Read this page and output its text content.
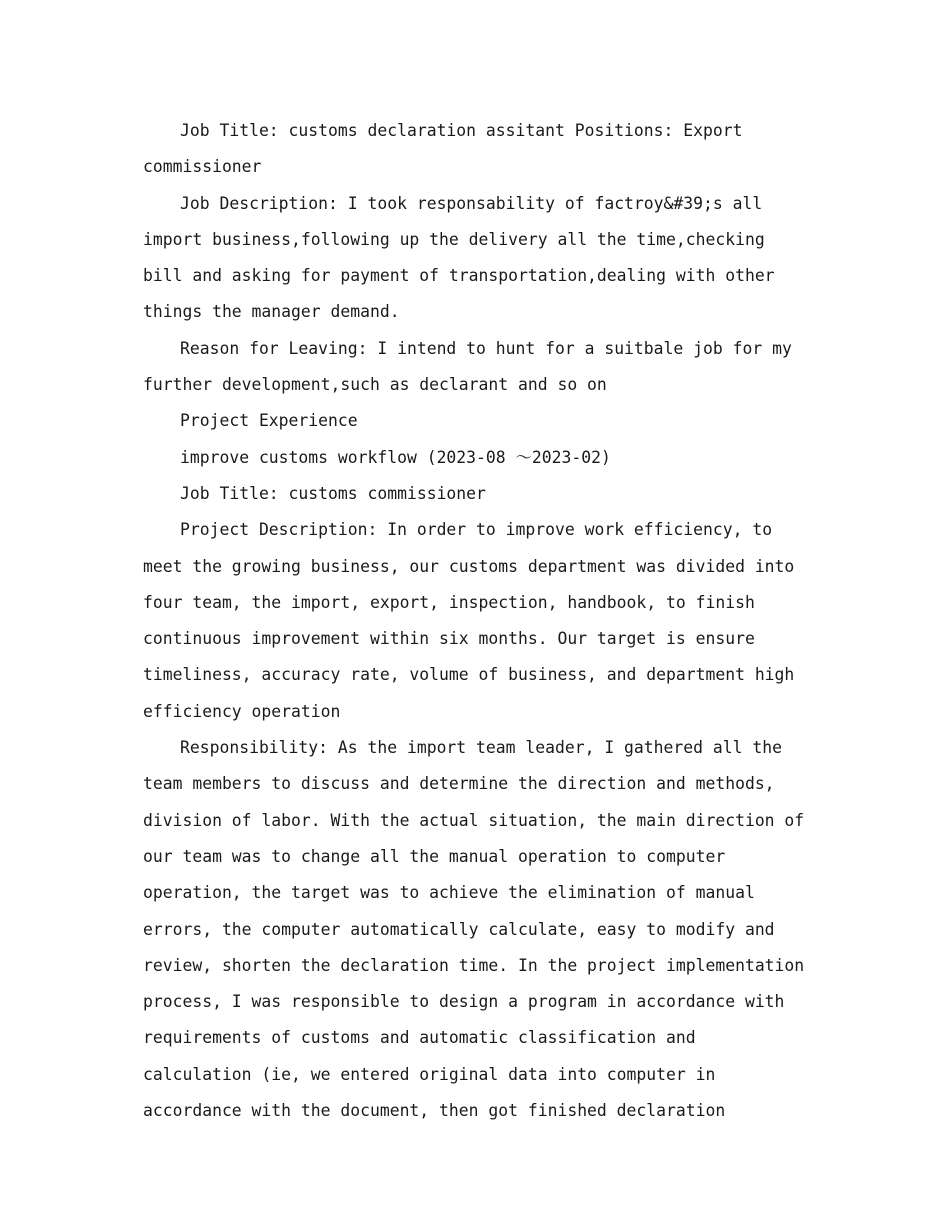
Job Title: customs declaration assitant Positions: Export commissioner

Job Description: I took responsability of factroy&#39;s all import business,following up the delivery all the time,checking bill and asking for payment of transportation,dealing with other things the manager demand.

Reason for Leaving: I intend to hunt for a suitbale job for my further development,such as declarant and so on

Project Experience

improve customs workflow (2023-08 ～2023-02)

Job Title: customs commissioner

Project Description: In order to improve work efficiency, to meet the growing business, our customs department was divided into four team, the import, export, inspection, handbook, to finish continuous improvement within six months. Our target is ensure timeliness, accuracy rate, volume of business, and department high efficiency operation

Responsibility: As the import team leader, I gathered all the team members to discuss and determine the direction and methods, division of labor. With the actual situation, the main direction of our team was to change all the manual operation to computer operation, the target was to achieve the elimination of manual errors, the computer automatically calculate, easy to modify and review, shorten the declaration time. In the project implementation process, I was responsible to design a program in accordance with requirements of customs and automatic classification and calculation (ie, we entered original data into computer in accordance with the document, then got finished declaration
